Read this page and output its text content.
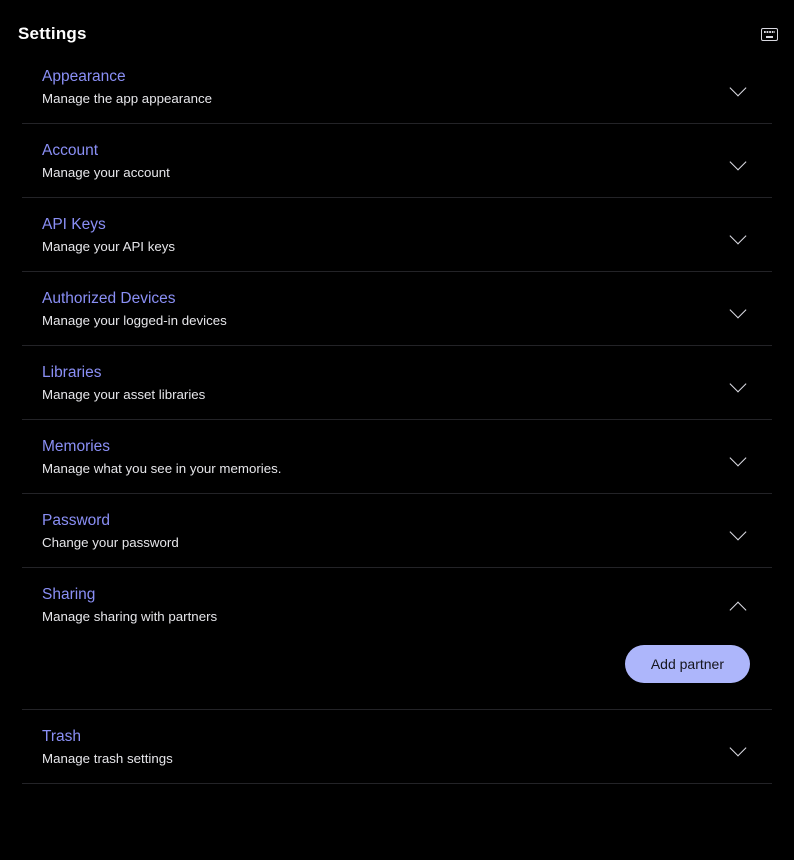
Settings
Appearance
Manage the app appearance
Account
Manage your account
API Keys
Manage your API keys
Authorized Devices
Manage your logged-in devices
Libraries
Manage your asset libraries
Memories
Manage what you see in your memories.
Password
Change your password
Sharing
Manage sharing with partners
Add partner
Trash
Manage trash settings
